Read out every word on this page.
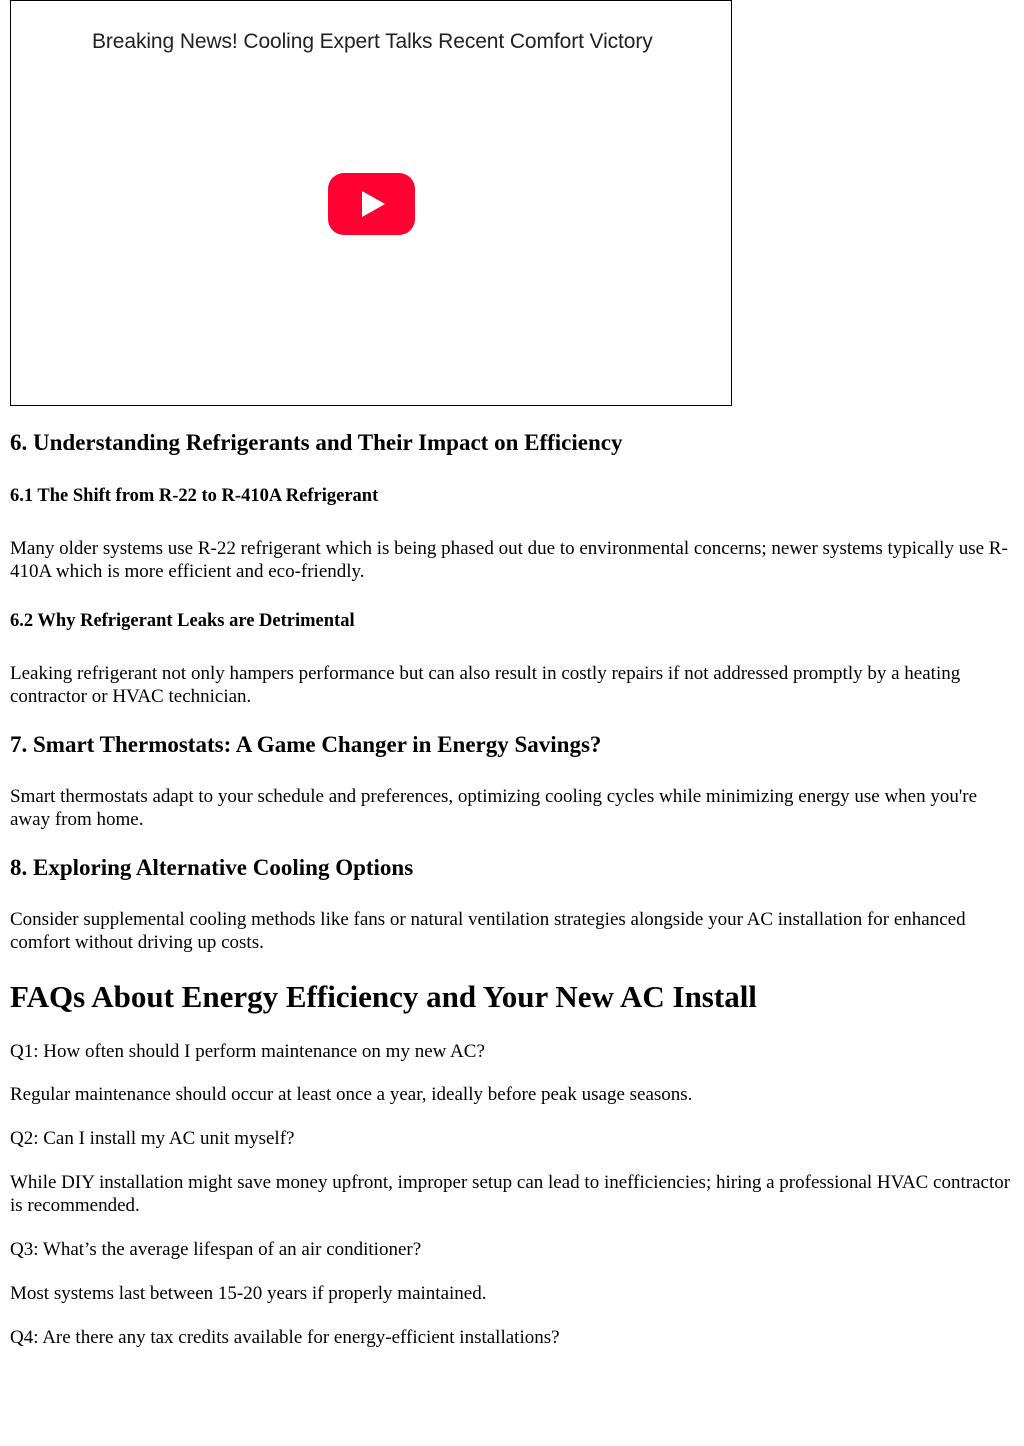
Breaking News! Cooling Expert Talks Recent Comfort Victory
6. Understanding Refrigerants and Their Impact on Efficiency
6.1 The Shift from R-22 to R-410A Refrigerant

Many older systems use R-22 refrigerant which is being phased out due to environmental concerns; newer systems typically use R-410A which is more efficient and eco-friendly.

6.2 Why Refrigerant Leaks are Detrimental

Leaking refrigerant not only hampers performance but can also result in costly repairs if not addressed promptly by a heating contractor or HVAC technician.

7. Smart Thermostats: A Game Changer in Energy Savings?

Smart thermostats adapt to your schedule and preferences, optimizing cooling cycles while minimizing energy use when you're away from home.

8. Exploring Alternative Cooling Options

Consider supplemental cooling methods like fans or natural ventilation strategies alongside your AC installation for enhanced comfort without driving up costs.

FAQs About Energy Efficiency and Your New AC Install

Q1: How often should I perform maintenance on my new AC?

Regular maintenance should occur at least once a year, ideally before peak usage seasons.

Q2: Can I install my AC unit myself?

While DIY installation might save money upfront, improper setup can lead to inefficiencies; hiring a professional HVAC contractor is recommended.

Q3: What’s the average lifespan of an air conditioner?

Most systems last between 15-20 years if properly maintained.

Q4: Are there any tax credits available for energy-efficient installations?
